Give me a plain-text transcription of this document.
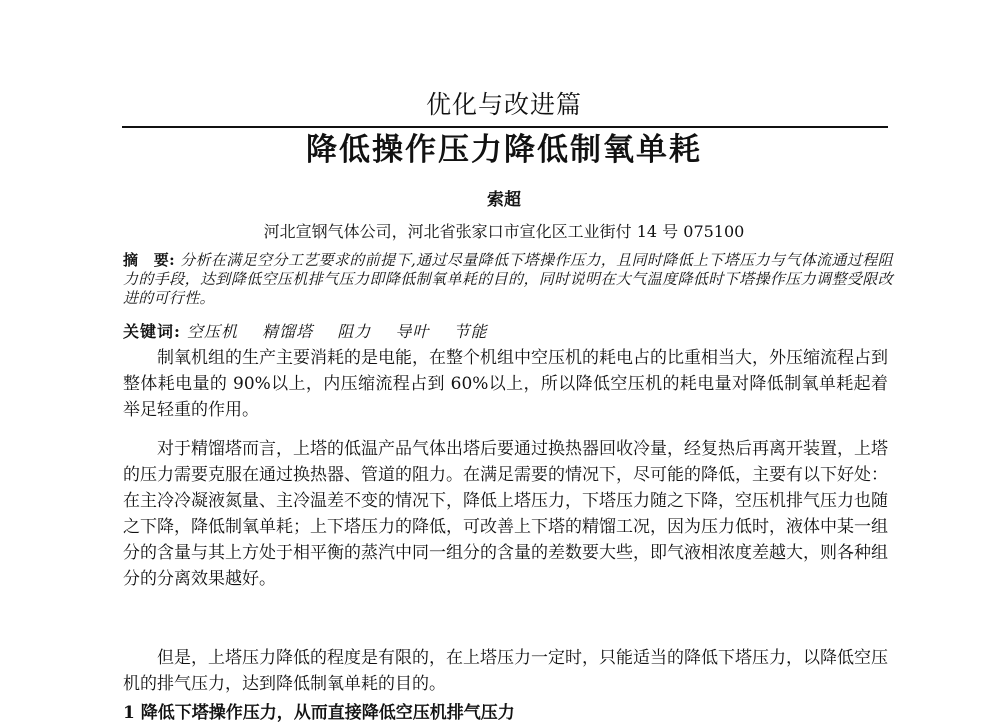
优化与改进篇
降低操作压力降低制氧单耗
索超
河北宣钢气体公司，河北省张家口市宣化区工业街付 14 号 075100
摘　要: 分析在满足空分工艺要求的前提下,通过尽量降低下塔操作压力，且同时降低上下塔压力与气体流通过程阻力的手段，达到降低空压机排气压力即降低制氧单耗的目的，同时说明在大气温度降低时下塔操作压力调整受限改进的可行性。
关键词: 空压机 精馏塔 阻力 导叶 节能

制氧机组的生产主要消耗的是电能，在整个机组中空压机的耗电占的比重相当大，外压缩流程占到整体耗电量的 90%以上，内压缩流程占到 60%以上，所以降低空压机的耗电量对降低制氧单耗起着举足轻重的作用。

对于精馏塔而言，上塔的低温产品气体出塔后要通过换热器回收冷量，经复热后再离开装置，上塔的压力需要克服在通过换热器、管道的阻力。在满足需要的情况下，尽可能的降低，主要有以下好处：在主冷冷凝液氮量、主冷温差不变的情况下，降低上塔压力，下塔压力随之下降，空压机排气压力也随之下降，降低制氧单耗；上下塔压力的降低，可改善上下塔的精馏工况，因为压力低时，液体中某一组分的含量与其上方处于相平衡的蒸汽中同一组分的含量的差数要大些，即气液相浓度差越大，则各种组分的分离效果越好。

但是，上塔压力降低的程度是有限的，在上塔压力一定时，只能适当的降低下塔压力，以降低空压机的排气压力，达到降低制氧单耗的目的。

1 降低下塔操作压力，从而直接降低空压机排气压力
